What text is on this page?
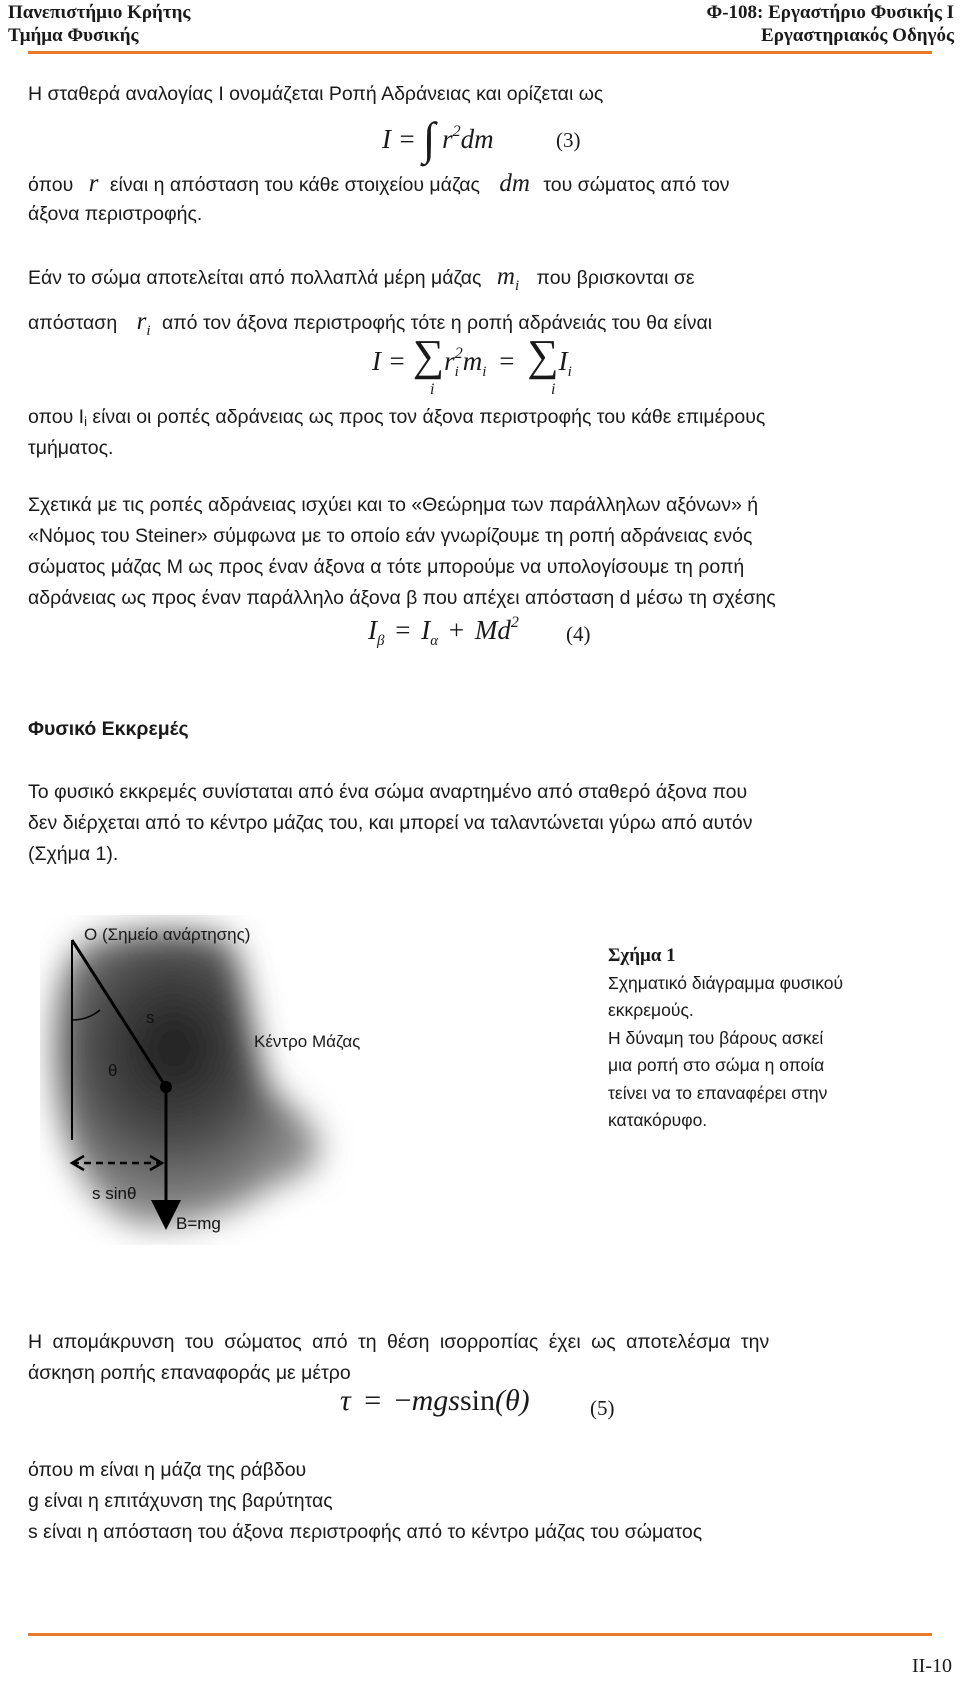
Πανεπιστήμιο Κρήτης
Τμήμα Φυσικής
Φ-108: Εργαστήριο Φυσικής Ι
Εργαστηριακός Οδηγός
Η σταθερά αναλογίας Ι ονομάζεται Ροπή Αδράνειας και ορίζεται ως
I = ∫ $r^2dm$	(3)
όπου r είναι η απόσταση του κάθε στοιχείου μάζας dm του σώματος από τον
άξονα περιστροφής.
Εάν το σώμα αποτελείται από πολλαπλά μέρη μάζας $m_i$ που βρισκονται σε
απόσταση $r_i$ από τον άξονα περιστροφής τότε η ροπή αδράνειάς του θα είναι
$I = \sum r_i^2m_i = \sum I_i$
i	i
οπου Ιi είναι οι ροπές αδράνειας ως προς τον άξονα περιστροφής του κάθε επιμέρους
τμήματος.
Σχετικά με τις ροπές αδράνειας ισχύει και το «Θεώρημα των παράλληλων αξόνων» ή
«Νόμος του Steiner» σύμφωνα με το οποίο εάν γνωρίζουμε τη ροπή αδράνειας ενός
σώματος μάζας Μ ως προς έναν άξονα α τότε μπορούμε να υπολογίσουμε τη ροπή
αδράνειας ως προς έναν παράλληλο άξονα β που απέχει απόσταση d μέσω τη σχέσης
$I_\beta = I_\alpha + Md^2$ (4)
Φυσικό Εκκρεμές
Το φυσικό εκκρεμές συνίσταται από ένα σώμα αναρτημένο από σταθερό άξονα που
δεν διέρχεται από το κέντρο μάζας του, και μπορεί να ταλαντώνεται γύρω από αυτόν
(Σχήμα 1).
Ο (Σημείο ανάρτησης)
s
θ
Κέντρο Μάζας
s sinθ
B=mg
Σχήμα 1
Σχηματικό διάγραμμα φυσικού
εκκρεμούς.
Η δύναμη του βάρους ασκεί
μια ροπή στο σώμα η οποία
τείνει να το επαναφέρει στην
κατακόρυφο.
Η απομάκρυνση του σώματος από τη θέση ισορροπίας έχει ως αποτελέσμα την
άσκηση ροπής επαναφοράς με μέτρο
τ = −mgssin(θ)	(5)
όπου m είναι η μάζα της ράβδου
g είναι η επιτάχυνση της βαρύτητας
s είναι η απόσταση του άξονα περιστροφής από το κέντρο μάζας του σώματος
ΙΙ-10
